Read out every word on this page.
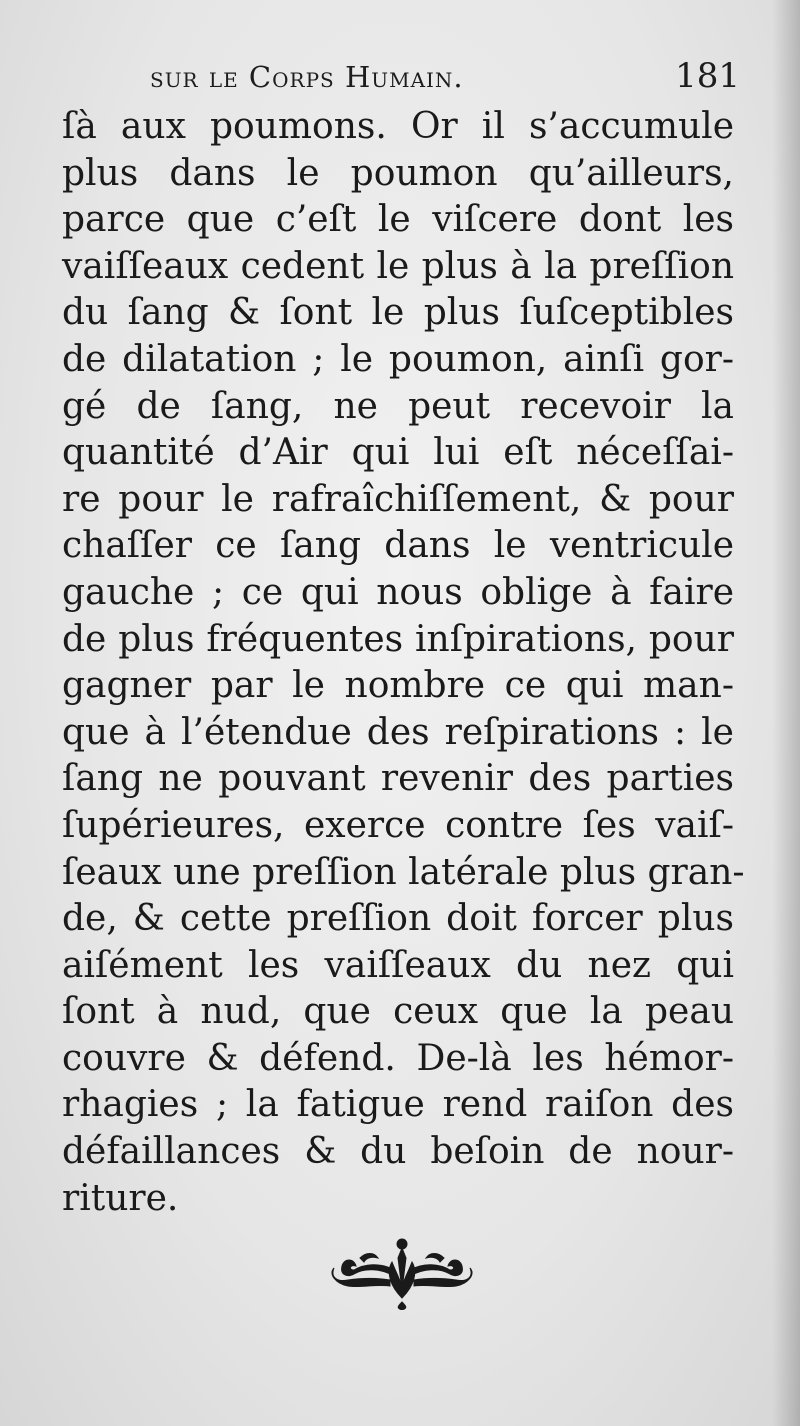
sur le Corps Humain.	181
ſà aux poumons. Or il s’accumule
plus dans le poumon qu’ailleurs,
parce que c’eſt le viſcere dont les
vaiſſeaux cedent le plus à la preſſion
du ſang & ſont le plus ſuſceptibles
de dilatation ; le poumon, ainſi gor-
gé de ſang, ne peut recevoir la
quantité d’Air qui lui eſt néceſſai-
re pour le rafraîchiſſement, & pour
chaſſer ce ſang dans le ventricule
gauche ; ce qui nous oblige à faire
de plus fréquentes inſpirations, pour
gagner par le nombre ce qui man-
que à l’étendue des reſpirations : le
ſang ne pouvant revenir des parties
ſupérieures, exerce contre ſes vaiſ-
ſeaux une preſſion latérale plus gran-
de, & cette preſſion doit forcer plus
aiſément les vaiſſeaux du nez qui
ſont à nud, que ceux que la peau
couvre & défend. De-là les hémor-
rhagies ; la fatigue rend raiſon des
défaillances & du beſoin de nour-
riture.
